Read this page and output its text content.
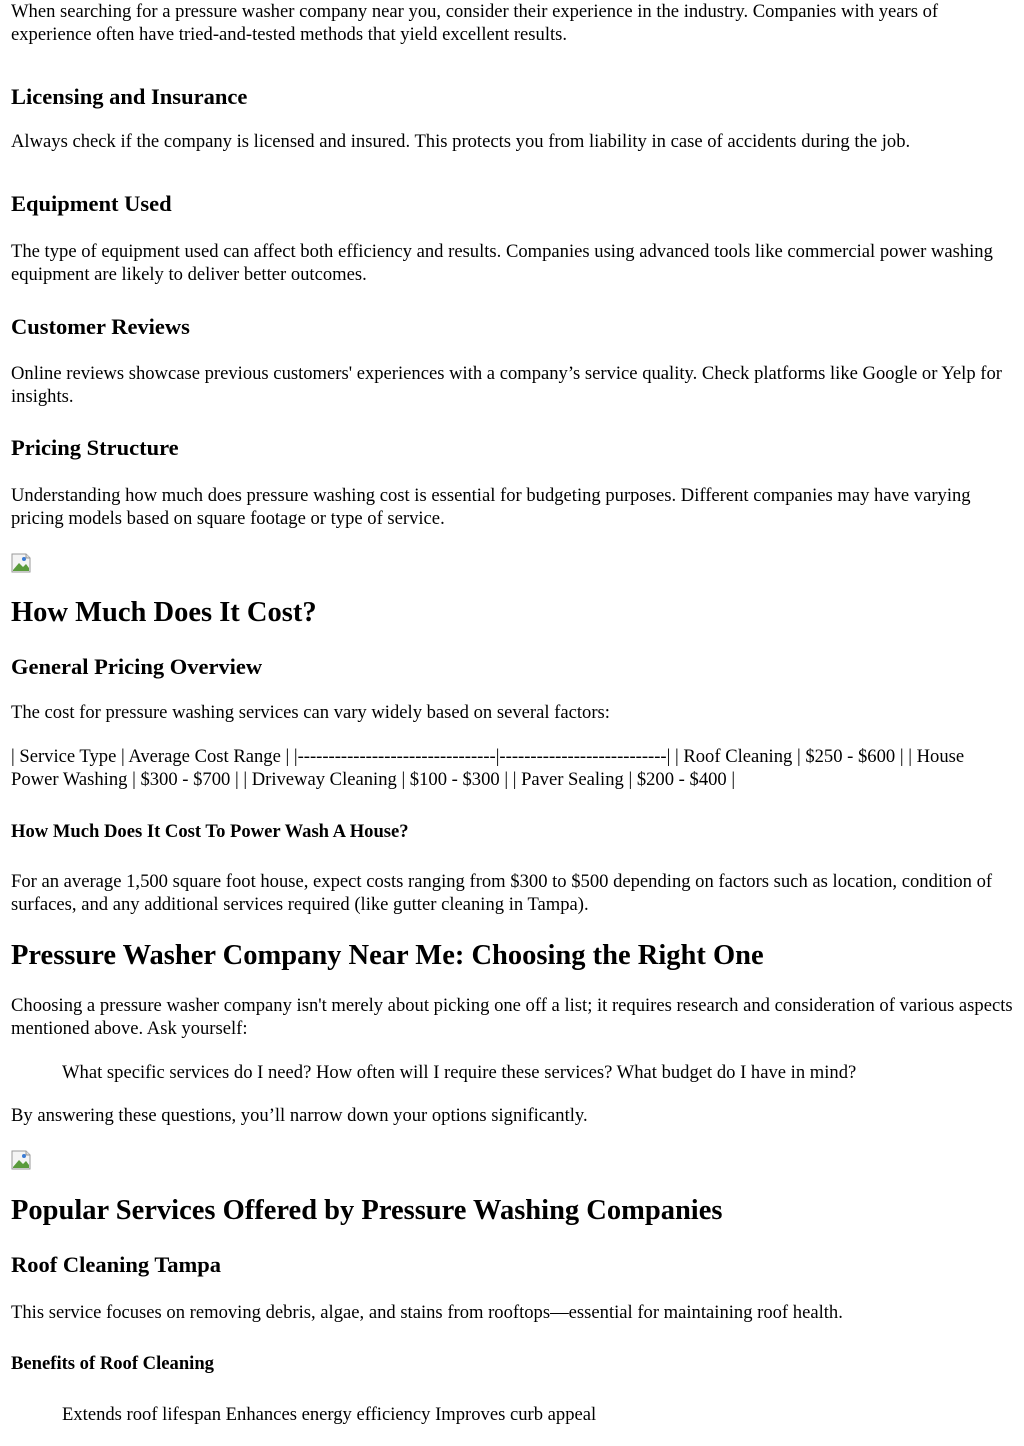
When searching for a pressure washer company near you, consider their experience in the industry. Companies with years of experience often have tried-and-tested methods that yield excellent results.

Licensing and Insurance

Always check if the company is licensed and insured. This protects you from liability in case of accidents during the job.

Equipment Used

The type of equipment used can affect both efficiency and results. Companies using advanced tools like commercial power washing equipment are likely to deliver better outcomes.

Customer Reviews

Online reviews showcase previous customers' experiences with a company’s service quality. Check platforms like Google or Yelp for insights.

Pricing Structure

Understanding how much does pressure washing cost is essential for budgeting purposes. Different companies may have varying pricing models based on square footage or type of service.

How Much Does It Cost?
General Pricing Overview

The cost for pressure washing services can vary widely based on several factors:

| Service Type | Average Cost Range | |--------------------------------|---------------------------| | Roof Cleaning | $250 - $600 | | House Power Washing | $300 - $700 | | Driveway Cleaning | $100 - $300 | | Paver Sealing | $200 - $400 |

How Much Does It Cost To Power Wash A House?

For an average 1,500 square foot house, expect costs ranging from $300 to $500 depending on factors such as location, condition of surfaces, and any additional services required (like gutter cleaning in Tampa).

Pressure Washer Company Near Me: Choosing the Right One

Choosing a pressure washer company isn't merely about picking one off a list; it requires research and consideration of various aspects mentioned above. Ask yourself:

What specific services do I need? How often will I require these services? What budget do I have in mind?

By answering these questions, you’ll narrow down your options significantly.

Popular Services Offered by Pressure Washing Companies
Roof Cleaning Tampa

This service focuses on removing debris, algae, and stains from rooftops—essential for maintaining roof health.

Benefits of Roof Cleaning
Extends roof lifespan Enhances energy efficiency Improves curb appeal
